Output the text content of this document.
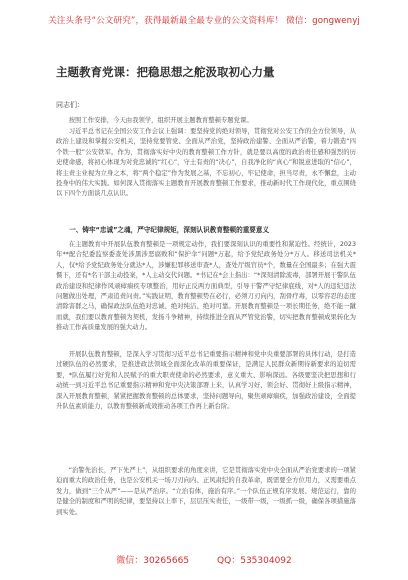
关注头条号“公文研究”，获得最新最全最专业的公文资料库！ 微信：gongwenyj
主题教育党课：把稳思想之舵汲取初心力量
同志们：

按照工作安排，今天由我领学，组织开展主题教育整顿专题党课。

习近平总书记在全国公安工作会议上强调：要坚持党的绝对领导，贯彻党对公安工作的全方位领导，从政治上建设和掌握公安机关，坚持党要管党、全面从严治党，坚持政治建警、全面从严治警，着力锻造“四个铁一般”公安铁军。作为，贯彻落实好中央的教育整顿工作方针，就是要以高度的政治责任感和强烈的历史使命感，将初心体现为对党忠诚的“红心”，守土有责的“决心”，自我净化的“真心”和锐意进取的“信心”，将主责主业视为立身之本，将“两个稳定”作为发展之基，不忘初心，牢记使命，担当尽责，永不懈怠，主动投身中的伟大实践。如何深入贯彻落实主题教育开展教育整顿工作要求，推动新时代工作现代化，重点围绕以下四个方面谈几点认识。

一、铸牢“忠诚”之魂，严守纪律规矩，深刻认识教育整顿的重要意义

在主题教育中开展队伍教育整顿是一项规定动作，我们要深刻认识的重要性和紧迫性。经统计，2023年**配合纪委监察委查处涉黑涉恶腐败和“保护伞”问题*万起，给予党纪政务处分*万人。移送司法机关*人，仅*给予党纪政务处分就达*人，涉嫌犯罪移送审查*人，查处厅级官员*个，数量在全国最多；在强大震慑下，还有*名干部主动投案，*人主动交代问题。*书记在*会上指出：“*深刻清除流毒，部署开展干警队伍政治建设和纪律作风顽瘴痼疾专项整治，用好正反两方面典型，引导干警严守纪律底线，对*人的违纪违法问题做出处理，严肃追责问责。”实践证明，教育整顿势在必行，必须刀刃向内，刮骨疗毒，以零容忍的态度清除害群之马，确保政法队伍绝对忠诚、绝对纯洁、绝对可靠。开展教育整顿是一项长期任务，绝不能一蹴而就，我们要以教育整顿为契机，发扬斗争精神，持续推进全面从严管党治警，切实把教育整顿成果转化为推动工作高质量发展的强大动力。

开展队伍教育整顿，是深入学习贯彻习近平总书记重要指示精神和党中央重要部署的具体行动，是打造过硬队伍的必然要求，是推进政法领域全面深化改革的重要保证，是满足人民群众新期待新要求的迫切需要，*队伍履行好党和人民赋予的重大职责使命的必然要求，意义重大、影响深远。各级要坚决把思想和行动统一到习近平总书记重要指示精神和党中央决策部署上来，认真学习好、领会好、贯彻好上级指示精神，深入开展教育整顿，紧紧把握教育整顿的总体要求，坚持问题导向，聚焦顽瘴痼疾，加强政治建设，全面提升队伍素质能力，以教育整顿新成效推动各项工作再上新台阶。

“治警先治长，严下先严上”，从组织要求的角度来讲，它是贯彻落实党中央全面从严治党要求的一项紧迫而重大的政治任务，也是公安机关一场刀刃向内、正风肃纪的自我革命，既需要全方位用力，又需要重点发力，做到“三个从严”——是从严治序。“立治有体，施治有序。”一个队伍正规有序发展、规范运行，靠的是健全的制度和严明的纪律，要坚持以上率下，层层压实责任，一级带一级，一级抓一级，确保各项措施落到实处。

微信：30265665	QQ：535304092
